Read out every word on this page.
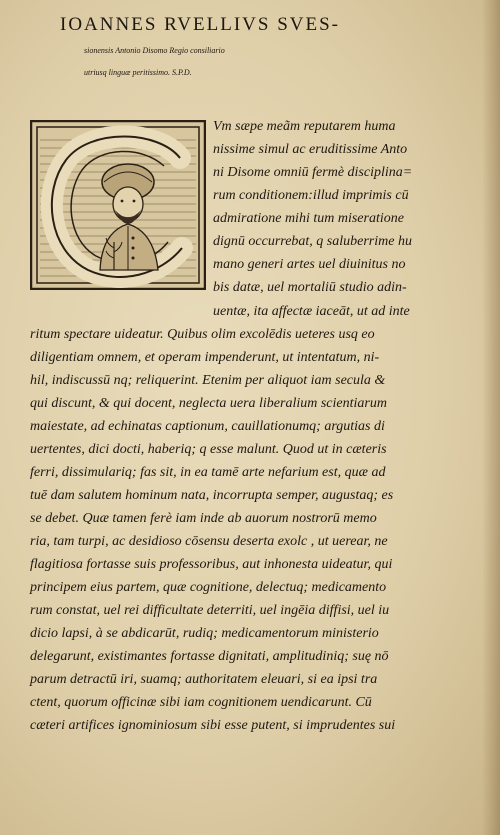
IOANNES RVELLIVS SVES-
sionensis Antonio Disomo Regio consiliario
utriusq linguæ peritissimo. S.P.D.
Vm sæpe meãm reputarem huma
nissime simul ac eruditissime Anto
ni Disome omniū fermè disciplina=
rum conditionem:illud imprimis cū
admiratione mihi tum miseratione
dignū occurrebat, q saluberrime hu
mano generi artes uel diuinitus no
bis datæ, uel mortaliū studio adin-
uentæ, ita affectæ iaceāt, ut ad inte
ritum spectare uideatur. Quibus olim excolēdis ueteres usq eo
diligentiam omnem, et operam impenderunt, ut intentatum, ni-
hil, indiscussū nq; reliquerint. Etenim per aliquot iam secula &
qui discunt, & qui docent, neglecta uera liberalium scientiarum
maiestate, ad echinatas captionum, cauillationumq; argutias di
uertentes, dici docti, haberiq; q esse malunt. Quod ut in cæteris
ferri, dissimulariq; fas sit, in ea tamē arte nefarium est, quæ ad
tuē dam salutem hominum nata, incorrupta semper, augustaq; es
se debet. Quæ tamen ferè iam inde ab auorum nostrorū memo
ria, tam turpi, ac desidioso cōsensu deserta exolc , ut uerear, ne
flagitiosa fortasse suis professoribus, aut inhonesta uideatur, qui
principem eius partem, quæ cognitione, delectuq; medicamento
rum constat, uel rei difficultate deterriti, uel ingēia diffisi, uel iu
dicio lapsi, à se abdicarūt, rudiq; medicamentorum ministerio
delegarunt, existimantes fortasse dignitati, amplitudiniq; suę nō
parum detractū iri, suamq; authoritatem eleuari, si ea ipsi tra
ctent, quorum officinæ sibi iam cognitionem uendicarunt. Cū
cæteri artifices ignominiosum sibi esse putent, si imprudentes sui
